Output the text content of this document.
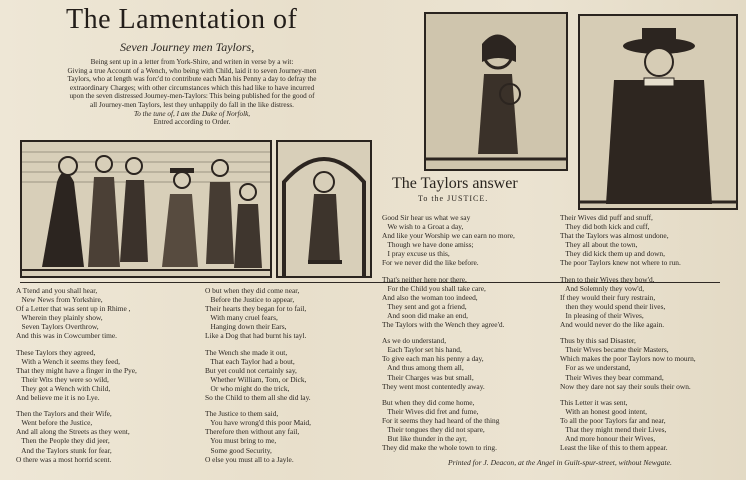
The Lamentation of
Seven Journey men Taylors,
Being sent up in a letter from York-Shire, and writen in verse by a wit:
Giving a true Account of a Wench, who being with Child, laid it to seven Journey-men
Taylors, who at length was forc'd to contribute each Man his Penny a day to defray the
extraordinary Charges; with other circumstances which this had like to have incurred
upon the seven distressed Journey-men-Taylors: This being published for the good of
all Journey-men Taylors, lest they unhappily do fall in the like distress.
To the tune of, I am the Duke of Norfolk,
Entred according to Order.
A Ttend and you shall hear,
New News from Yorkshire,
Of a Letter that was sent up in Rhime ,
Wherein they plainly show,
Seven Taylors Overthrow,
And this was in Cowcumber time.
These Taylors they agreed,
With a Wench it seems they feed,
That they might have a finger in the Pye,
Their Wits they were so wild,
They got a Wench with Child,
And believe me it is no Lye.
Then the Taylors and their Wife,
Went before the Justice,
And all along the Streets as they went,
Then the People they did jeer,
And the Taylors stunk for fear,
O there was a most horrid scent.
O but when they did come near,
Before the Justice to appear,
Their hearts they began for to fail,
With many cruel fears,
Hanging down their Ears,
Like a Dog that had burnt his tayl.
The Wench she made it out,
That each Taylor had a bout,
But yet could not certainly say,
Whether William, Tom, or Dick,
Or who might do the trick,
So the Child to them all she did lay.
The Justice to them said,
You have wrong'd this poor Maid,
Therefore then without any fail,
You must bring to me,
Some good Security,
O else you must all to a Jayle.
The Taylors answer
To the JUSTICE.
Good Sir hear us what we say
We wish to a Groat a day,
And like your Worship we can earn no more,
Though we have done amiss;
I pray excuse us this,
For we never did the like before.
That's neither here nor there,
For the Child you shall take care,
And also the woman too indeed,
They sent and got a friend,
And soon did make an end,
The Taylors with the Wench they agree'd.
As we do understand,
Each Taylor set his hand,
To give each man his penny a day,
And thus among them all,
Their Charges was but small,
They went most contentedly away.
But when they did come home,
Their Wives did fret and fume,
For it seems they had heard of the thing
Their tongues they did not spare,
But like thunder in the ayr,
They did make the whole town to ring.
Their Wives did puff and snuff,
They did both kick and cuff,
That the Taylors was almost undone,
They all about the town,
They did kick them up and down,
The poor Taylors knew not where to run.
Then to their Wives they bow'd,
And Solemnly they vow'd,
If they would their fury restrain,
then they would spend their lives,
In pleasing of their Wives,
And would never do the like again.
Thus by this sad Disaster,
Their Wives became their Masters,
Which makes the poor Taylors now to mourn,
For as we understand,
Their Wives they bear command,
Now they dare not say their souls their own.
This Letter it was sent,
With an honest good intent,
To all the poor Taylors far and near,
That they might mend their Lives,
And more honour their Wives,
Least the like of this to them appear.
Printed for J. Deacon, at the Angel in Guilt-spur-street, without Newgate.
